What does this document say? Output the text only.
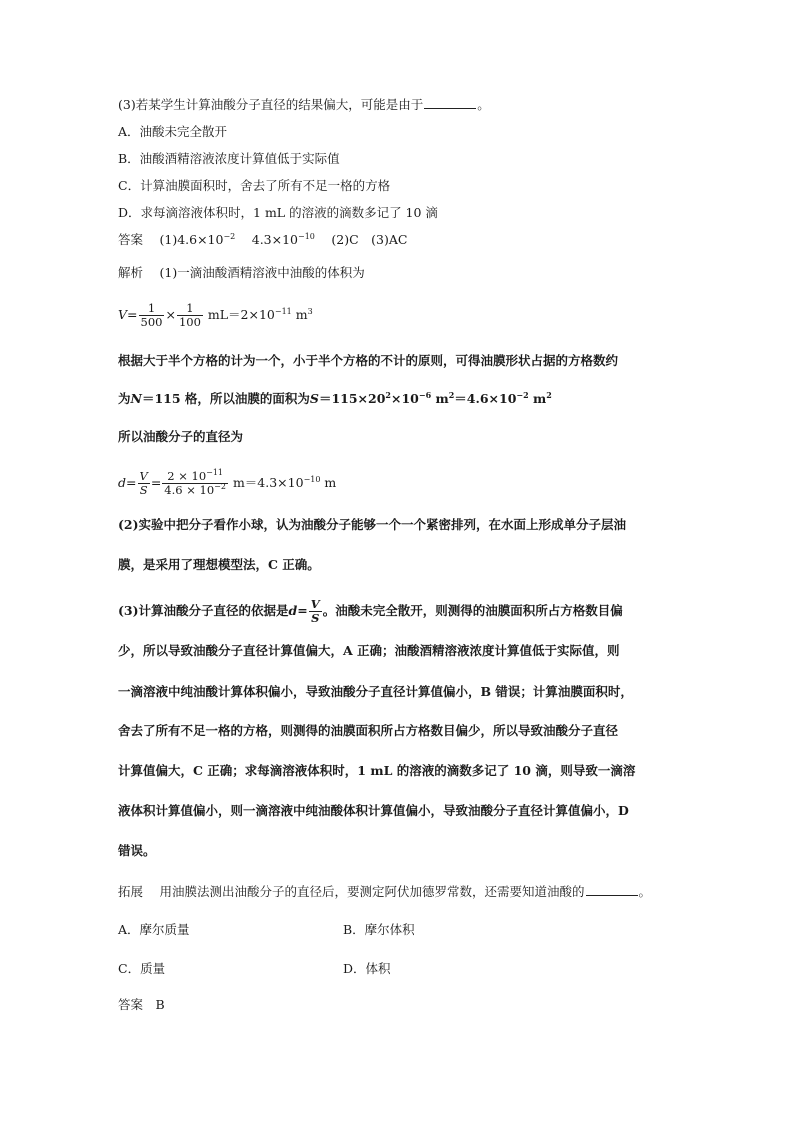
(3)若某学生计算油酸分子直径的结果偏大，可能是由于	。
A．油酸未完全散开
B．油酸酒精溶液浓度计算值低于实际值
C．计算油膜面积时，舍去了所有不足一格的方格
D．求每滴溶液体积时，1 mL 的溶液的滴数多记了 10 滴
答案　 $(1)4.6\times 10^{-2}$　 $4.3\times 10^{-10}$　 (2)C　(3)AC
解析　 (1)一滴油酸酒精溶液中油酸的体积为
$V= \frac{1}{500} \times \frac{1}{100} mL=2\times 10^{-11}$ $m^3$
根据大于半个方格的计为一个，小于半个方格的不计的原则，可得油膜形状占据的方格数约
为N＝115 格，所以油膜的面积为$S=115\times 20^2\times 10^{-6}$ $m^2=4.6\times 10^{-2}$ $m^2$
所以油酸分子的直径为
$d= \frac{V}{S} = \frac{2 \times 10^{-11}}{4.6 \times 10^{-2}} m=4.3\times 10^{-10}$ m
(2)实验中把分子看作小球，认为油酸分子能够一个一个紧密排列，在水面上形成单分子层油
膜，是采用了理想模型法，C 正确。
(3)计算油酸分子直径的依据是$d= \frac{V}{S}$ 。油酸未完全散开，则测得的油膜面积所占方格数目偏
少，所以导致油酸分子直径计算值偏大，A 正确；油酸酒精溶液浓度计算值低于实际值，则
一滴溶液中纯油酸计算体积偏小，导致油酸分子直径计算值偏小，B 错误；计算油膜面积时，
舍去了所有不足一格的方格，则测得的油膜面积所占方格数目偏少，所以导致油酸分子直径
计算值偏大，C 正确；求每滴溶液体积时，1 mL 的溶液的滴数多记了 10 滴，则导致一滴溶
液体积计算值偏小，则一滴溶液中纯油酸体积计算值偏小，导致油酸分子直径计算值偏小，D
错误。
拓展　 用油膜法测出油酸分子的直径后，要测定阿伏加德罗常数，还需要知道油酸的	。
A．摩尔质量	B．摩尔体积
C．质量	D．体积
答案　 B
